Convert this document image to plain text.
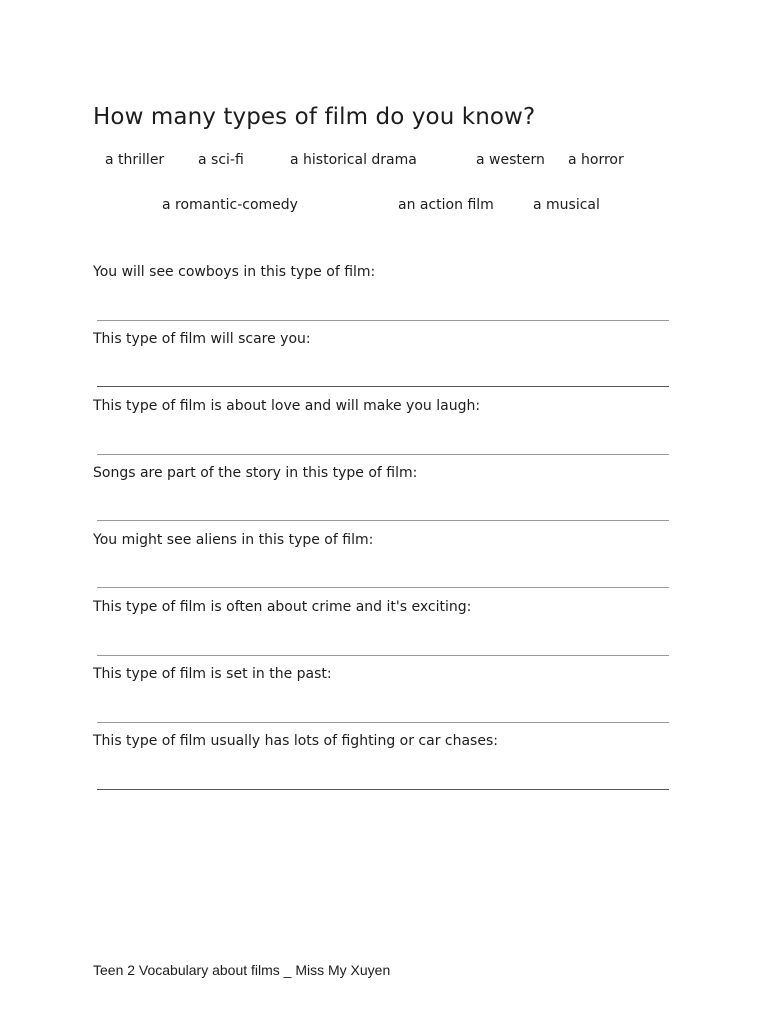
How many types of film do you know?
a thriller a sci-fi	a historical drama	a western a horror
a romantic-comedy	an action film	a musical
You will see cowboys in this type of film:
This type of film will scare you:
This type of film is about love and will make you laugh:
Songs are part of the story in this type of film:
You might see aliens in this type of film:
This type of film is often about crime and it's exciting:
This type of film is set in the past:
This type of film usually has lots of fighting or car chases:
Teen 2 Vocabulary about films _ Miss My Xuyen
